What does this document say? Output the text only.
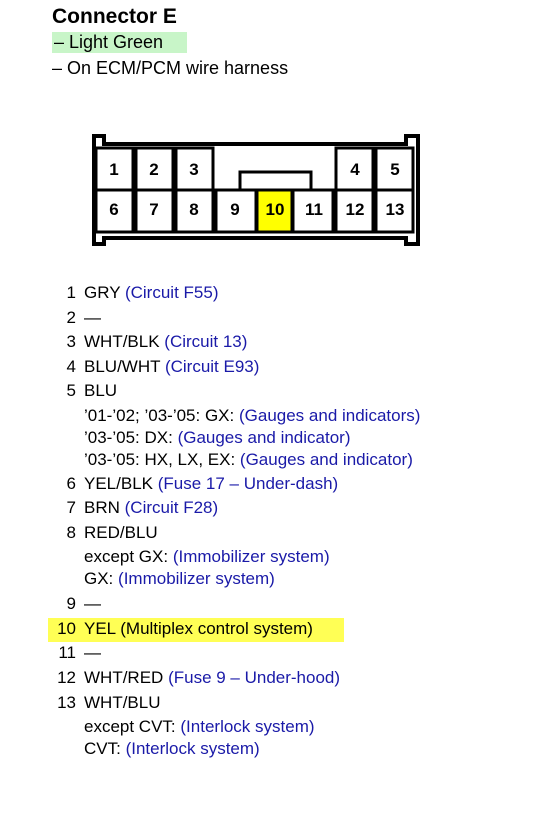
Connector E
– Light Green
– On ECM/PCM wire harness
1 2 3	4 5
6 7 8 9 10 11 12 13
1 GRY (Circuit F55)
2 —
3 WHT/BLK (Circuit 13)
4 BLU/WHT (Circuit E93)
5 BLU
’01-’02; ’03-’05: GX: (Gauges and indicators)
’03-’05: DX: (Gauges and indicator)
’03-’05: HX, LX, EX: (Gauges and indicator)
6 YEL/BLK (Fuse 17 – Under-dash)
7 BRN (Circuit F28)
8 RED/BLU
except GX: (Immobilizer system)
GX: (Immobilizer system)
9 —
10 YEL (Multiplex control system)
11 —
12 WHT/RED (Fuse 9 – Under-hood)
13 WHT/BLU
except CVT: (Interlock system)
CVT: (Interlock system)
